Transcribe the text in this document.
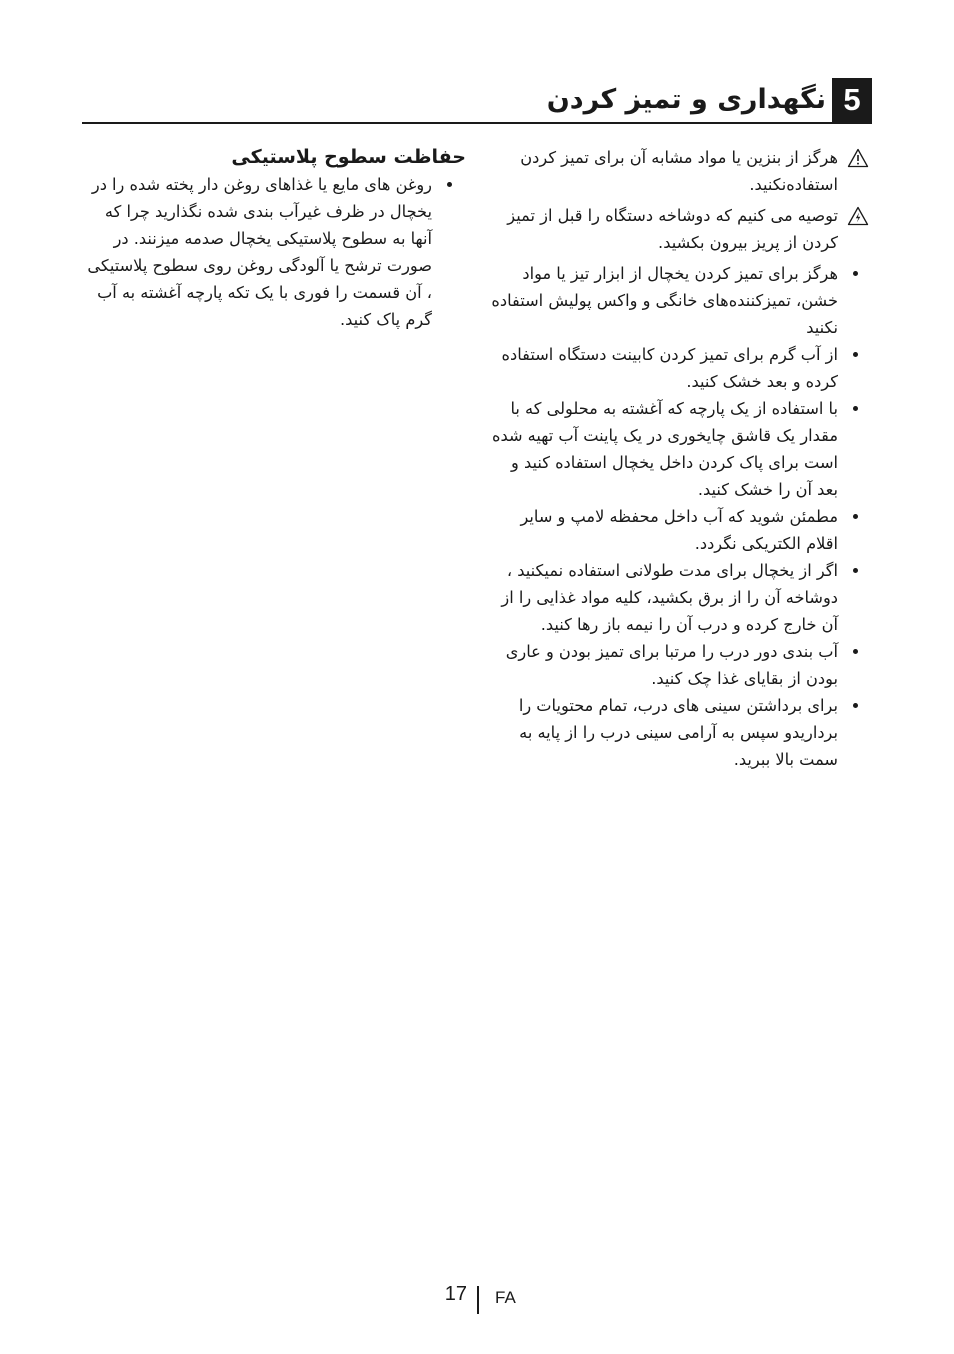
5
نگهداری و تمیز کردن
هرگز از بنزین یا مواد مشابه آن برای تمیز کردن استفاده‌نکنید.
توصیه می کنیم که دوشاخه دستگاه را قبل از تمیز کردن از پریز بیرون بکشید.
هرگز برای تمیز کردن یخچال از ابزار تیز یا مواد خشن، تمیزکننده‌های خانگی و واکس پولیش استفاده نکنید
از آب گرم برای تمیز کردن کابینت دستگاه استفاده کرده و بعد خشک کنید.
با استفاده از یک پارچه که آغشته به محلولی که با مقدار یک قاشق چایخوری در یک پاینت آب تهیه شده است برای پاک کردن داخل یخچال استفاده کنید و بعد آن را خشک کنید.
مطمئن شوید که آب داخل محفظه لامپ و سایر اقلام الکتریکی نگردد.
اگر از یخچال برای مدت طولانی استفاده نمیکنید ، دوشاخه آن را از برق بکشید، کلیه مواد غذایی را از آن خارج کرده و درب آن را نیمه باز رها کنید.
آب بندی دور درب را مرتبا برای تمیز بودن و عاری بودن از بقایای غذا چک کنید.
برای برداشتن سینی های درب، تمام محتویات را برداریدو سپس به آرامی سینی درب را از پایه به سمت بالا ببرید.
حفاظت سطوح پلاستیکی
روغن های مایع یا غذاهای روغن دار پخته شده را در یخچال در ظرف غیرآب بندی شده نگذارید چرا که آنها به سطوح پلاستیکی یخچال صدمه میزنند. در صورت ترشح یا آلودگی روغن روی سطوح پلاستیکی ، آن قسمت را فوری با یک تکه پارچه آغشته به آب گرم پاک کنید.
17 FA
